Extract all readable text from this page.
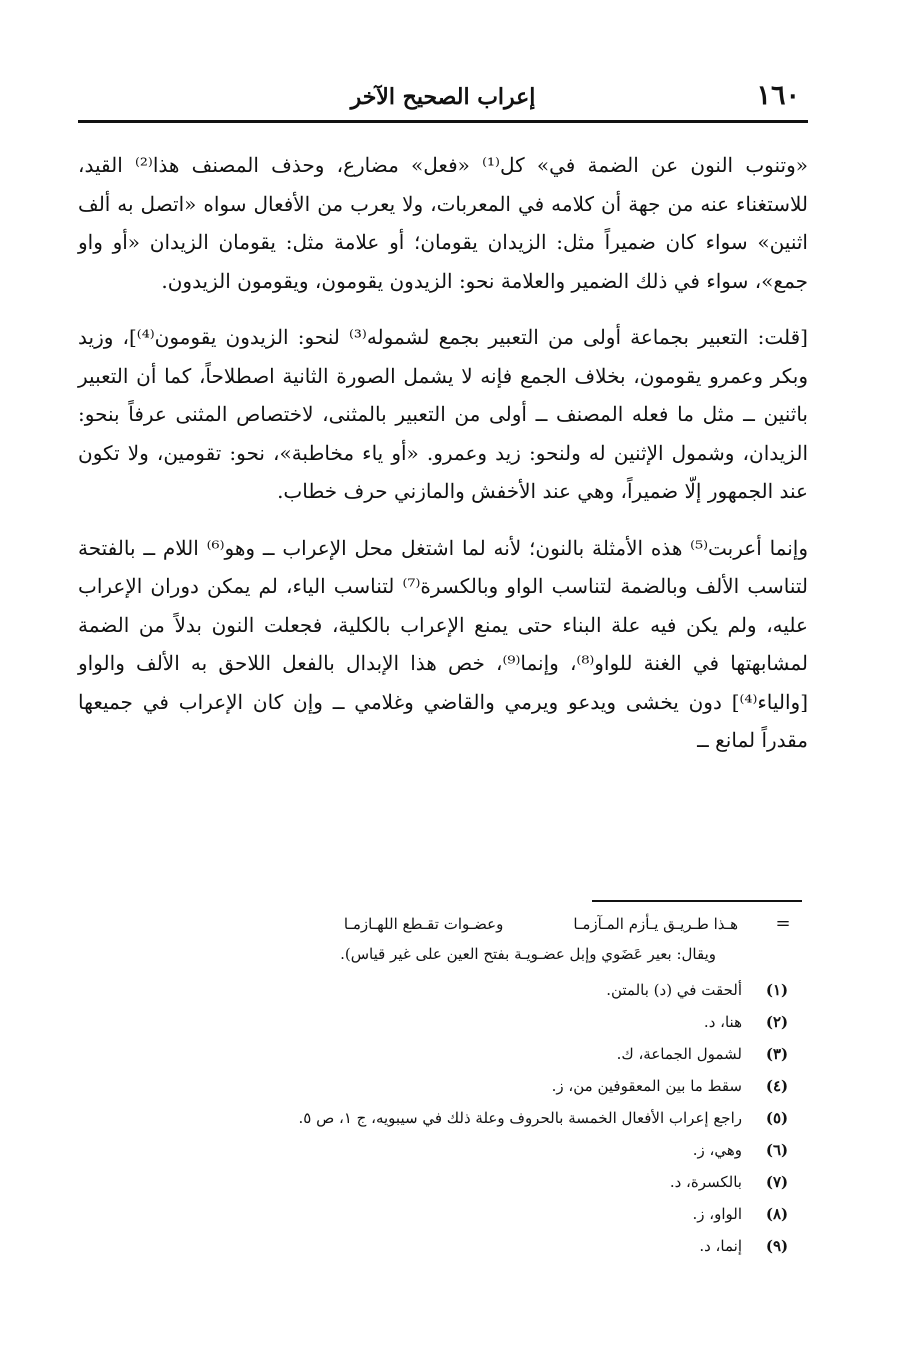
١٦٠
إعراب الصحيح الآخر

«وتنوب النون عن الضمة في» كل⁽¹⁾ «فعل» مضارع، وحذف المصنف هذا⁽²⁾ القيد، للاستغناء عنه من جهة أن كلامه في المعربات، ولا يعرب من الأفعال سواه «اتصل به ألف اثنين» سواء كان ضميراً مثل: الزيدان يقومان؛ أو علامة مثل: يقومان الزيدان «أو واو جمع»، سواء في ذلك الضمير والعلامة نحو: الزيدون يقومون، ويقومون الزيدون.

[قلت: التعبير بجماعة أولى من التعبير بجمع لشموله⁽³⁾ لنحو: الزيدون يقومون⁽⁴⁾]، وزيد وبكر وعمرو يقومون، بخلاف الجمع فإنه لا يشمل الصورة الثانية اصطلاحاً، كما أن التعبير باثنين ــ مثل ما فعله المصنف ــ أولى من التعبير بالمثنى، لاختصاص المثنى عرفاً بنحو: الزيدان، وشمول الإثنين له ولنحو: زيد وعمرو. «أو ياء مخاطبة»، نحو: تقومين، ولا تكون عند الجمهور إلّا ضميراً، وهي عند الأخفش والمازني حرف خطاب.

وإنما أعربت⁽⁵⁾ هذه الأمثلة بالنون؛ لأنه لما اشتغل محل الإعراب ــ وهو⁽⁶⁾ اللام ــ بالفتحة لتناسب الألف وبالضمة لتناسب الواو وبالكسرة⁽⁷⁾ لتناسب الياء، لم يمكن دوران الإعراب عليه، ولم يكن فيه علة البناء حتى يمنع الإعراب بالكلية، فجعلت النون بدلاً من الضمة لمشابهتها في الغنة للواو⁽⁸⁾، وإنما⁽⁹⁾، خص هذا الإبدال بالفعل اللاحق به الألف والواو [والياء⁽⁴⁾] دون يخشى ويدعو ويرمي والقاضي وغلامي ــ وإن كان الإعراب في جميعها مقدراً لمانع ــ

=
هـذا طـريـق يـأزم المـآزمـا
وعضـوات تقـطع اللهـازمـا
ويقال: بعير عَضَوي وإبل عضـويـة بفتح العين على غير قياس).
(١)
ألحقت في (د) بالمتن.
(٢)
هنا، د.
(٣)
لشمول الجماعة، ك.
(٤)
سقط ما بين المعقوفين من، ز.
(٥)
راجع إعراب الأفعال الخمسة بالحروف وعلة ذلك في سيبويه، ج ١، ص ٥.
(٦)
وهي، ز.
(٧)
بالكسرة، د.
(٨)
الواو، ز.
(٩)
إنما، د.
